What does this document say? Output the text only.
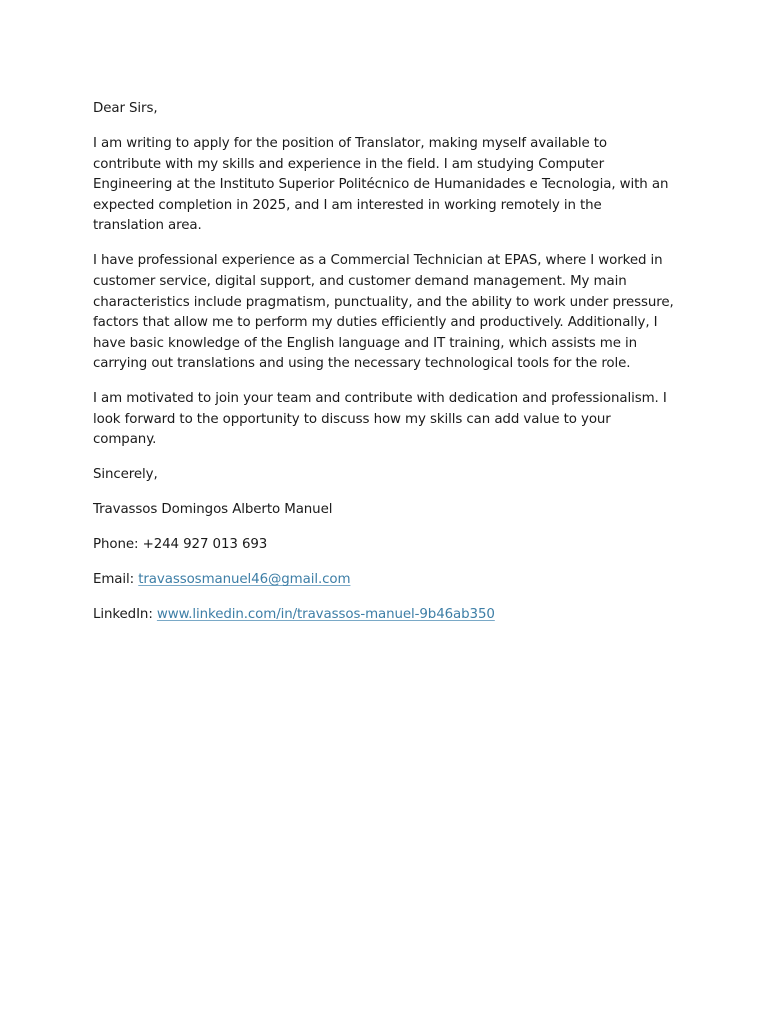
Dear Sirs,

I am writing to apply for the position of Translator, making myself available to contribute with my skills and experience in the field. I am studying Computer Engineering at the Instituto Superior Politécnico de Humanidades e Tecnologia, with an expected completion in 2025, and I am interested in working remotely in the translation area.

I have professional experience as a Commercial Technician at EPAS, where I worked in customer service, digital support, and customer demand management. My main characteristics include pragmatism, punctuality, and the ability to work under pressure, factors that allow me to perform my duties efficiently and productively. Additionally, I have basic knowledge of the English language and IT training, which assists me in carrying out translations and using the necessary technological tools for the role.

I am motivated to join your team and contribute with dedication and professionalism. I look forward to the opportunity to discuss how my skills can add value to your company.

Sincerely,

Travassos Domingos Alberto Manuel

Phone: +244 927 013 693

Email: travassosmanuel46@gmail.com

LinkedIn: www.linkedin.com/in/travassos-manuel-9b46ab350
